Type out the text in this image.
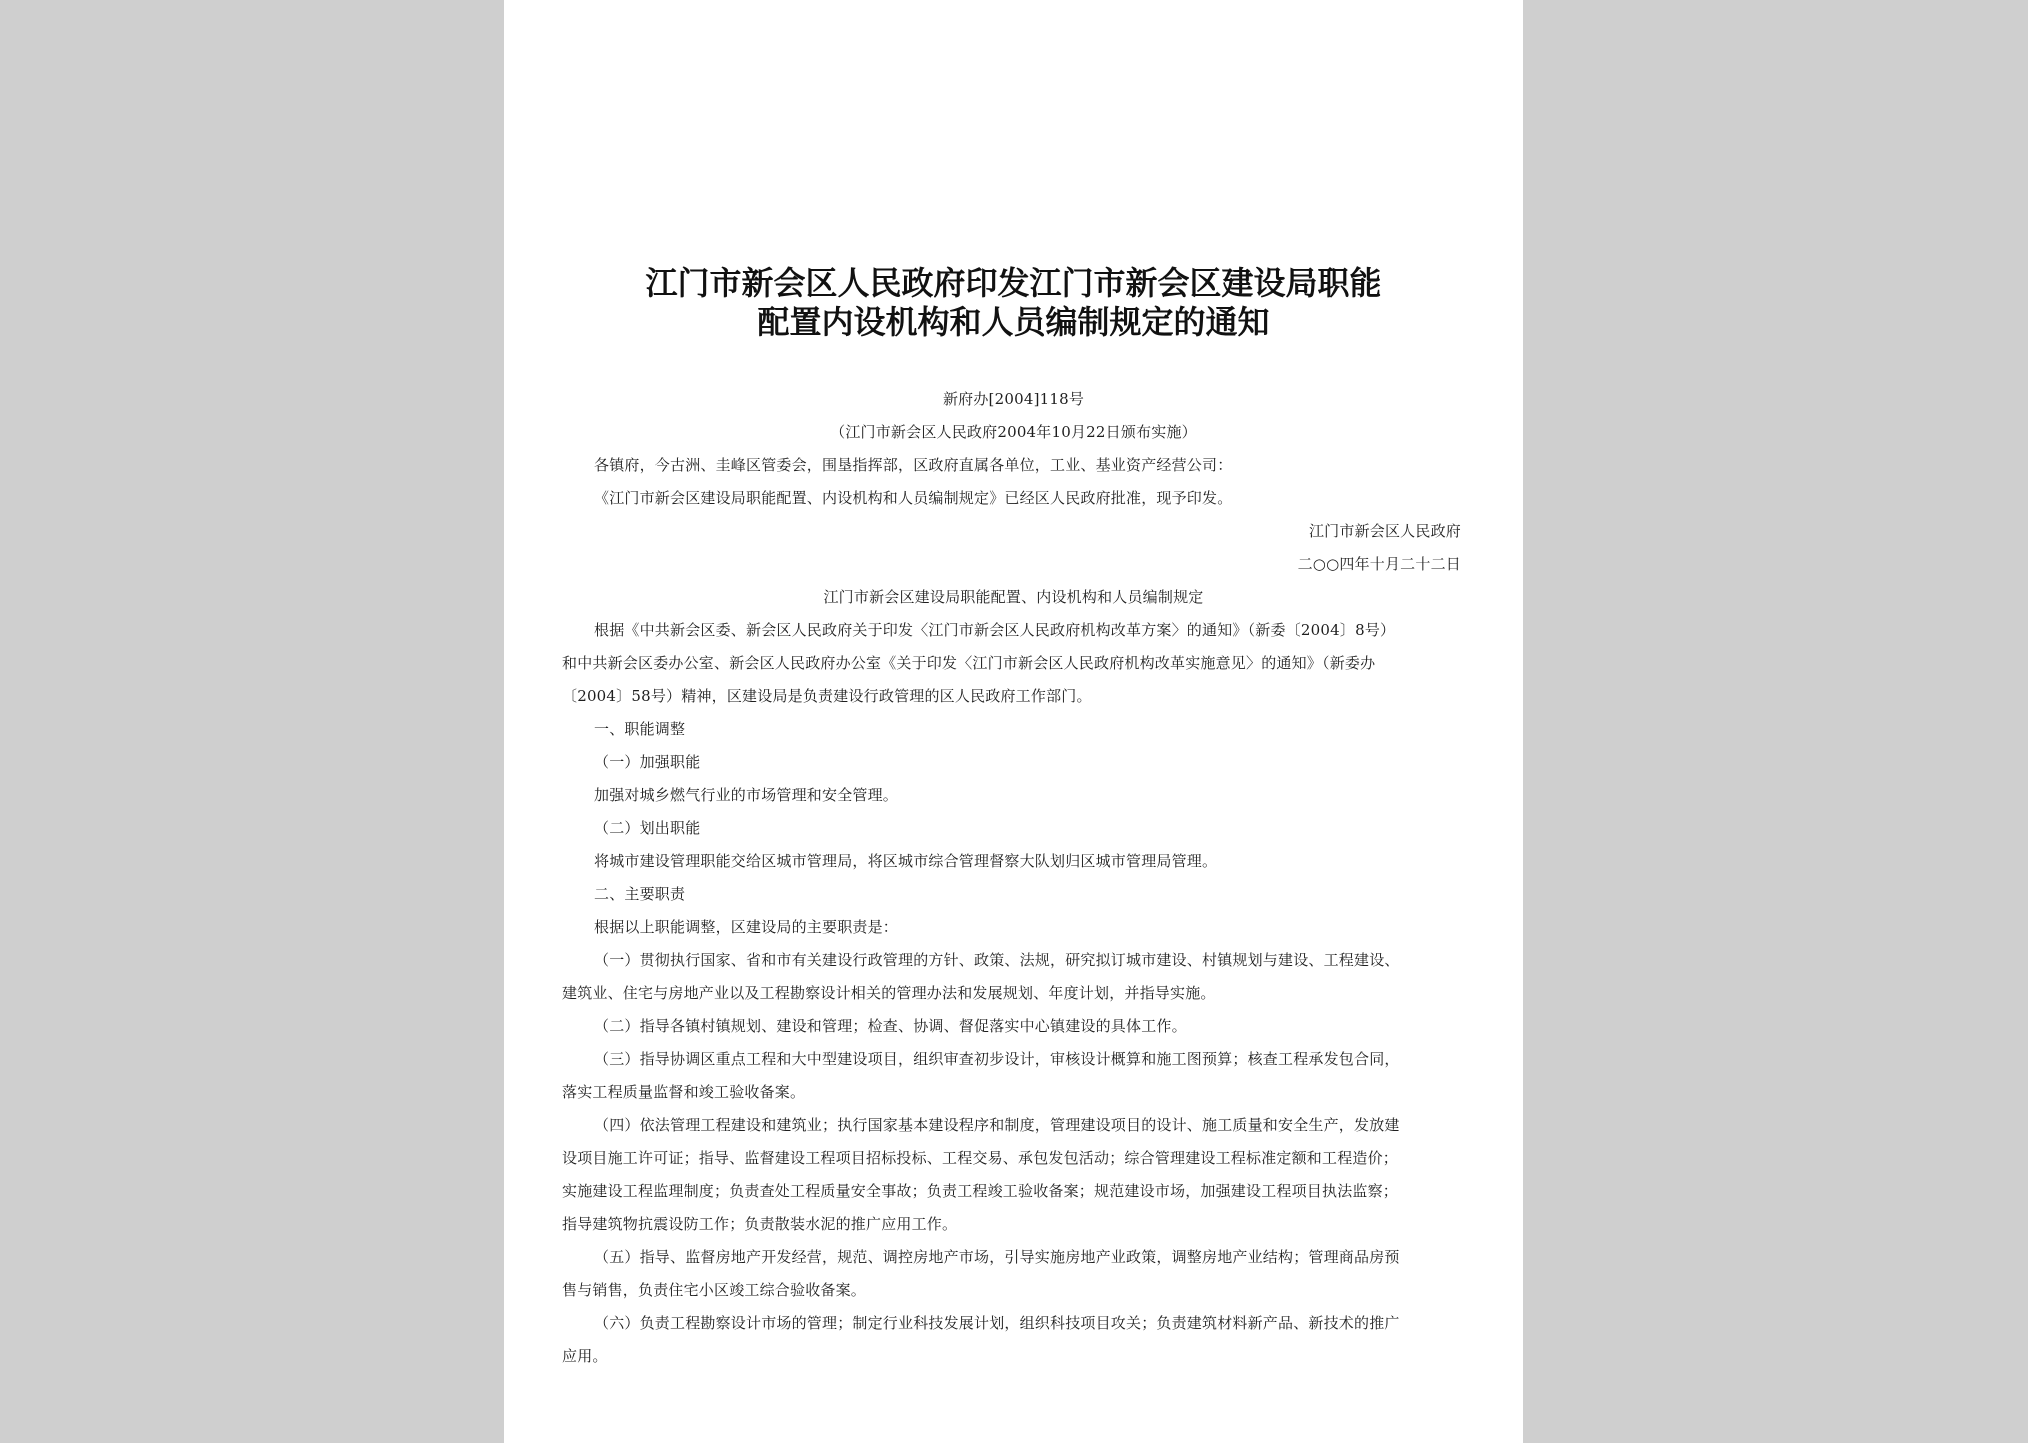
江门市新会区人民政府印发江门市新会区建设局职能
配置内设机构和人员编制规定的通知
新府办[2004]118号
（江门市新会区人民政府2004年10月22日颁布实施）
各镇府，今古洲、圭峰区管委会，围垦指挥部，区政府直属各单位，工业、基业资产经营公司：
《江门市新会区建设局职能配置、内设机构和人员编制规定》已经区人民政府批准，现予印发。
江门市新会区人民政府
二○○四年十月二十二日
江门市新会区建设局职能配置、内设机构和人员编制规定
根据《中共新会区委、新会区人民政府关于印发〈江门市新会区人民政府机构改革方案〉的通知》（新委〔2004〕8号）
和中共新会区委办公室、新会区人民政府办公室《关于印发〈江门市新会区人民政府机构改革实施意见〉的通知》（新委办
〔2004〕58号）精神，区建设局是负责建设行政管理的区人民政府工作部门。
一、职能调整
（一）加强职能
加强对城乡燃气行业的市场管理和安全管理。
（二）划出职能
将城市建设管理职能交给区城市管理局，将区城市综合管理督察大队划归区城市管理局管理。
二、主要职责
根据以上职能调整，区建设局的主要职责是：
（一）贯彻执行国家、省和市有关建设行政管理的方针、政策、法规，研究拟订城市建设、村镇规划与建设、工程建设、
建筑业、住宅与房地产业以及工程勘察设计相关的管理办法和发展规划、年度计划，并指导实施。
（二）指导各镇村镇规划、建设和管理；检查、协调、督促落实中心镇建设的具体工作。
（三）指导协调区重点工程和大中型建设项目，组织审查初步设计，审核设计概算和施工图预算；核查工程承发包合同，
落实工程质量监督和竣工验收备案。
（四）依法管理工程建设和建筑业；执行国家基本建设程序和制度，管理建设项目的设计、施工质量和安全生产，发放建
设项目施工许可证；指导、监督建设工程项目招标投标、工程交易、承包发包活动；综合管理建设工程标准定额和工程造价；
实施建设工程监理制度；负责查处工程质量安全事故；负责工程竣工验收备案；规范建设市场，加强建设工程项目执法监察；
指导建筑物抗震设防工作；负责散装水泥的推广应用工作。
（五）指导、监督房地产开发经营，规范、调控房地产市场，引导实施房地产业政策，调整房地产业结构；管理商品房预
售与销售，负责住宅小区竣工综合验收备案。
（六）负责工程勘察设计市场的管理；制定行业科技发展计划，组织科技项目攻关；负责建筑材料新产品、新技术的推广
应用。
